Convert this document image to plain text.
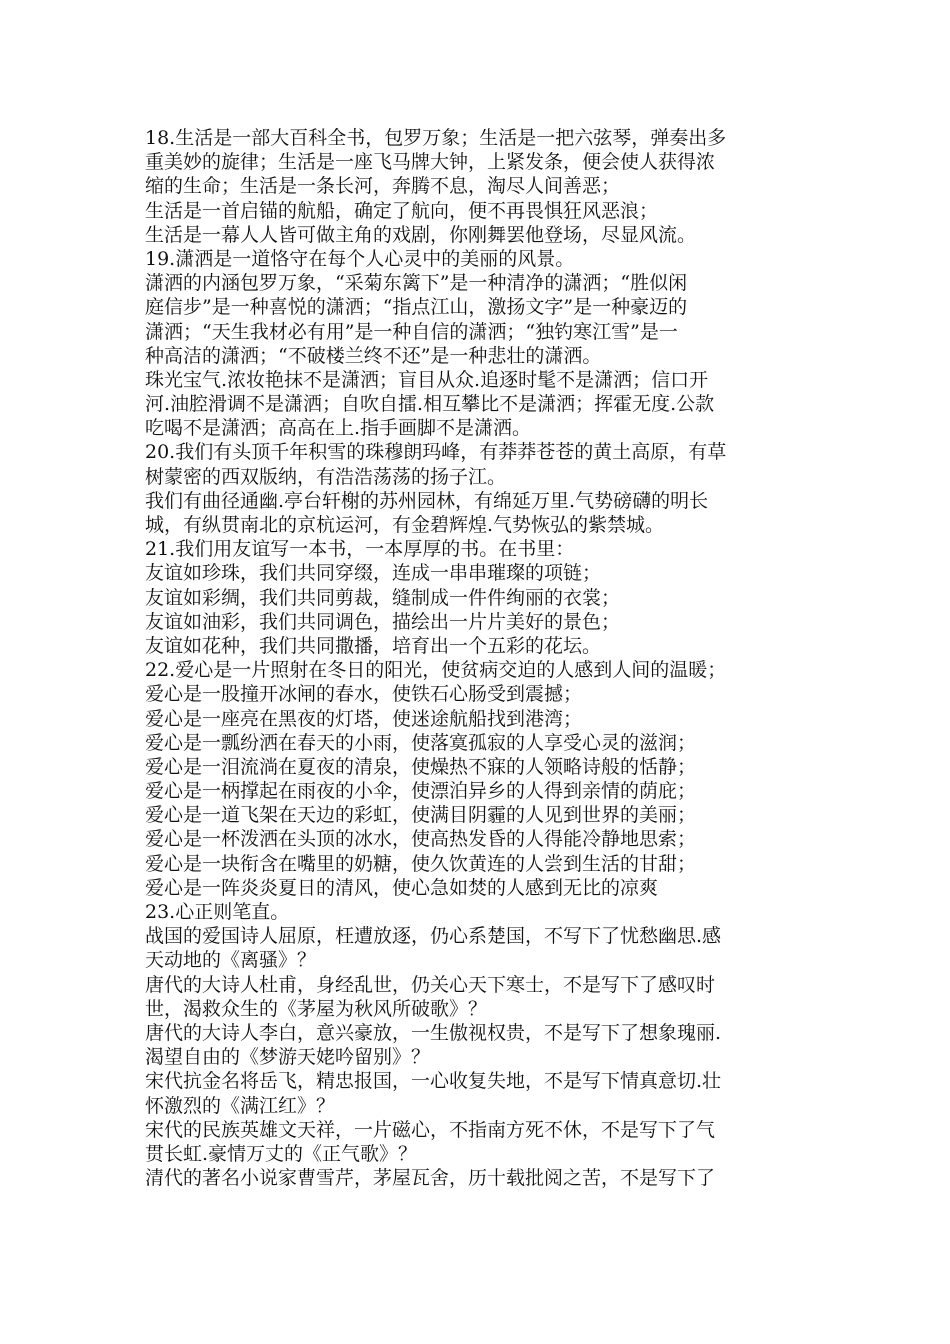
18.生活是一部大百科全书，包罗万象；生活是一把六弦琴，弹奏出多
重美妙的旋律；生活是一座飞马牌大钟，上紧发条，便会使人获得浓
缩的生命；生活是一条长河，奔腾不息，淘尽人间善恶；
生活是一首启锚的航船，确定了航向，便不再畏惧狂风恶浪；
生活是一幕人人皆可做主角的戏剧，你刚舞罢他登场，尽显风流。
19.潇洒是一道恪守在每个人心灵中的美丽的风景。
潇洒的内涵包罗万象，“采菊东篱下”是一种清净的潇洒；“胜似闲
庭信步”是一种喜悦的潇洒；“指点江山，激扬文字”是一种豪迈的
潇洒；“天生我材必有用”是一种自信的潇洒；“独钓寒江雪”是一
种高洁的潇洒；“不破楼兰终不还”是一种悲壮的潇洒。
珠光宝气.浓妆艳抹不是潇洒；盲目从众.追逐时髦不是潇洒；信口开
河.油腔滑调不是潇洒；自吹自擂.相互攀比不是潇洒；挥霍无度.公款
吃喝不是潇洒；高高在上.指手画脚不是潇洒。
20.我们有头顶千年积雪的珠穆朗玛峰，有莽莽苍苍的黄土高原，有草
树蒙密的西双版纳，有浩浩荡荡的扬子江。
我们有曲径通幽.亭台轩榭的苏州园林，有绵延万里.气势磅礴的明长
城，有纵贯南北的京杭运河，有金碧辉煌.气势恢弘的紫禁城。
21.我们用友谊写一本书，一本厚厚的书。在书里：
友谊如珍珠，我们共同穿缀，连成一串串璀璨的项链；
友谊如彩绸，我们共同剪裁，缝制成一件件绚丽的衣裳；
友谊如油彩，我们共同调色，描绘出一片片美好的景色；
友谊如花种，我们共同撒播，培育出一个五彩的花坛。
22.爱心是一片照射在冬日的阳光，使贫病交迫的人感到人间的温暖；
爱心是一股撞开冰闸的春水，使铁石心肠受到震撼；
爱心是一座亮在黑夜的灯塔，使迷途航船找到港湾；
爱心是一瓢纷洒在春天的小雨，使落寞孤寂的人享受心灵的滋润；
爱心是一泪流淌在夏夜的清泉，使燥热不寐的人领略诗般的恬静；
爱心是一柄撑起在雨夜的小伞，使漂泊异乡的人得到亲情的荫庇；
爱心是一道飞架在天边的彩虹，使满目阴霾的人见到世界的美丽；
爱心是一杯泼洒在头顶的冰水，使高热发昏的人得能冷静地思索；
爱心是一块衔含在嘴里的奶糖，使久饮黄连的人尝到生活的甘甜；
爱心是一阵炎炎夏日的清风，使心急如焚的人感到无比的凉爽
23.心正则笔直。
战国的爱国诗人屈原，枉遭放逐，仍心系楚国，不写下了忧愁幽思.感
天动地的《离骚》？
唐代的大诗人杜甫，身经乱世，仍关心天下寒士，不是写下了感叹时
世，渴救众生的《茅屋为秋风所破歌》？
唐代的大诗人李白，意兴豪放，一生傲视权贵，不是写下了想象瑰丽.
渴望自由的《梦游天姥吟留别》？
宋代抗金名将岳飞，精忠报国，一心收复失地，不是写下情真意切.壮
怀激烈的《满江红》？
宋代的民族英雄文天祥，一片磁心，不指南方死不休，不是写下了气
贯长虹.豪情万丈的《正气歌》？
清代的著名小说家曹雪芹，茅屋瓦舍，历十载批阅之苦，不是写下了
